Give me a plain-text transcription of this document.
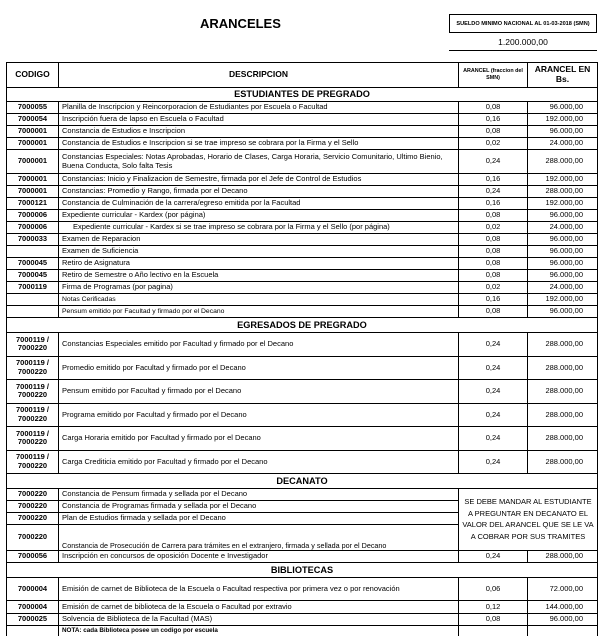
ARANCELES	SUELDO MINIMO NACIONAL AL 01-03-2018 (SMN)
1.200.000,00
CODIGO	DESCRIPCION	ARANCEL (fraccion del SMN)	ARANCEL EN Bs.
ESTUDIANTES DE PREGRADO			
7000055	Planilla de Inscripcion y Reincorporacion de Estudiantes por Escuela o Facultad	0,08	96.000,00
7000054	Inscripción fuera de lapso en Escuela o Facultad	0,16	192.000,00
7000001	Constancia de Estudios e Inscripcion	0,08	96.000,00
7000001	Constancia de Estudios e Inscripcion si se trae impreso se cobrara por la Firma y el Sello	0,02	24.000,00
7000001	Constancias Especiales: Notas Aprobadas, Horario de Clases, Carga Horaria, Servicio Comunitario, Ultimo Bienio, Buena Conducta, Solo falta Tesis	0,24	288.000,00
7000001	Constancias: Inicio y Finalizacion de Semestre, firmada por el Jefe de Control de Estudios	0,16	192.000,00
7000001	Constancias: Promedio y Rango, firmada por el Decano	0,24	288.000,00
7000121	Constancia de Culminación de la carrera/egreso emitida por la Facultad	0,16	192.000,00
7000006	Expediente curricular - Kardex (por página)	0,08	96.000,00
7000006	Expediente curricular - Kardex si se trae impreso se cobrara por la Firma y el Sello (por página)	0,02	24.000,00
7000033	Examen de Reparacion	0,08	96.000,00
	Examen de Suficiencia	0,08	96.000,00
7000045	Retiro de Asignatura	0,08	96.000,00
7000045	Retiro de Semestre o Año lectivo en la Escuela	0,08	96.000,00
7000119	Firma de Programas (por pagina)	0,02	24.000,00
	Notas Cerificadas	0,16	192.000,00
	Pensum emitido por Facultad y firmado por el Decano	0,08	96.000,00
EGRESADOS DE PREGRADO			

7000119 /
7000220	Constancias Especiales emitido por Facultad y firmado por el Decano	0,24	288.000,00

7000119 /
7000220	Promedio emitido por Facultad y firmado por el Decano	0,24	288.000,00

7000119 /
7000220	Pensum emitido por Facultad y firmado por el Decano	0,24	288.000,00

7000119 /
7000220	Programa emitido por Facultad y firmado por el Decano	0,24	288.000,00

7000119 /
7000220	Carga Horaria emitido por Facultad y firmado por el Decano	0,24	288.000,00

7000119 /
7000220	Carga Crediticia emitido por Facultad y firmado por el Decano	0,24	288.000,00
DECANATO			
7000220	Constancia de Pensum firmada y sellada por el Decano	SE DEBE MANDAR AL ESTUDIANTE
A PREGUNTAR EN DECANATO EL
VALOR DEL ARANCEL QUE SE LE VA
A COBRAR POR SUS TRAMITES	

7000220	Constancia de Programas firmada y sellada por el Decano		
7000220	Plan de Estudios firmada y sellada por el Decano		
7000220	Constancia de Prosecución de Carrera para trámites en el extranjero, firmada y sellada por el Decano		
7000056	Inscripción en concursos de oposición Docente e Investigador	0,24	288.000,00
BIBLIOTECAS			
7000004	Emisión de carnet de Biblioteca de la Escuela o Facultad respectiva por primera vez o por renovación	0,06	72.000,00
7000004	Emisión de carnet de biblioteca de la Escuela o Facultad por extravio	0,12	144.000,00
7000025	Solvencia de Biblioteca de la Facultad (MAS)	0,08	96.000,00
	NOTA: cada Biblioteca posee un codigo por escuela		
